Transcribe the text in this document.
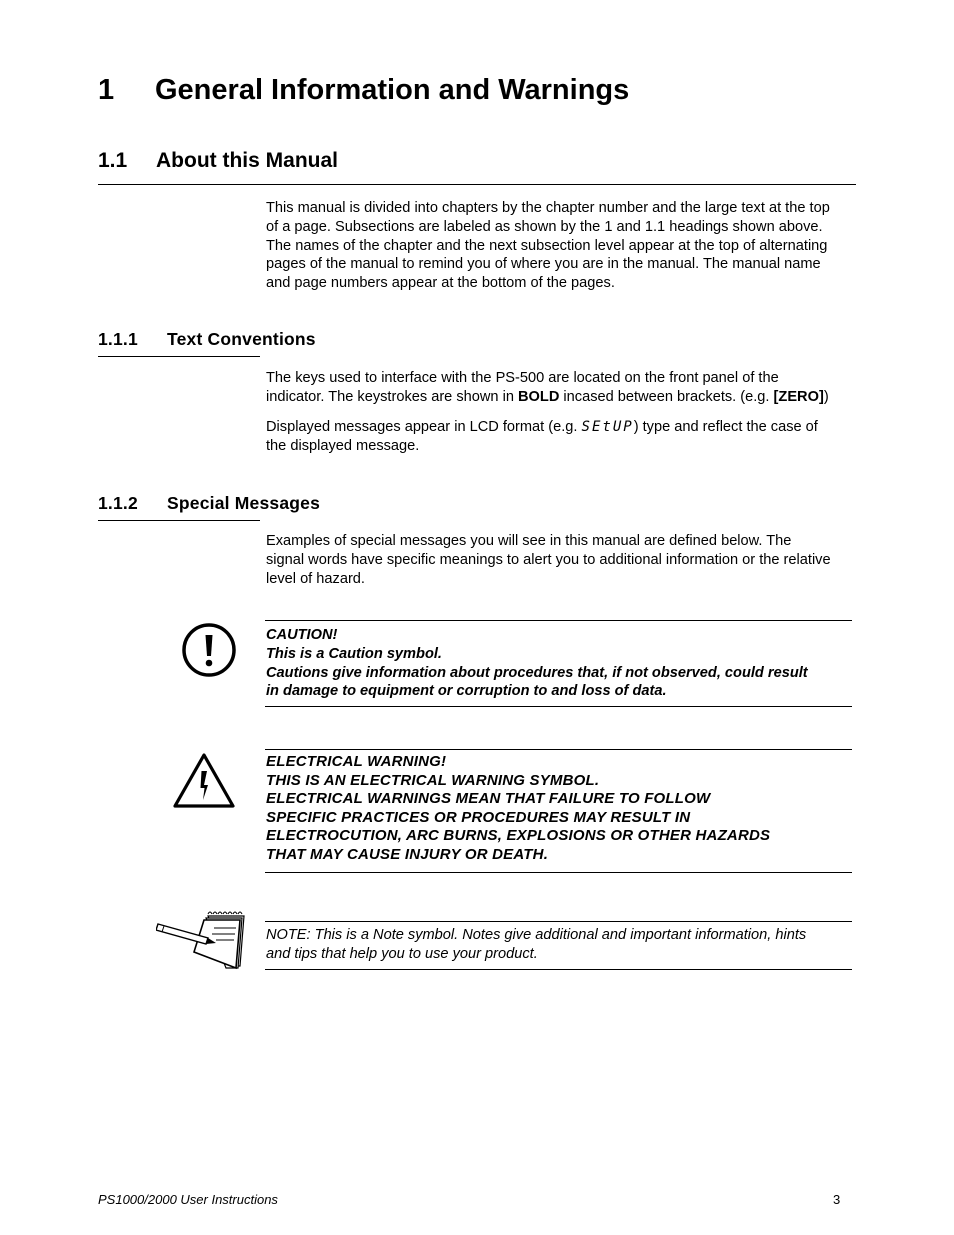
1 General Information and Warnings
1.1 About this Manual
This manual is divided into chapters by the chapter number and the large text at the top
of a page. Subsections are labeled as shown by the 1 and 1.1 headings shown above.
The names of the chapter and the next subsection level appear at the top of alternating
pages of the manual to remind you of where you are in the manual. The manual name
and page numbers appear at the bottom of the pages.
1.1.1 Text Conventions
The keys used to interface with the PS-500 are located on the front panel of the
indicator. The keystrokes are shown in BOLD incased between brackets. (e.g. [ZERO])
Displayed messages appear in LCD format (e.g. SEtUP) type and reflect the case of
the displayed message.
1.1.2 Special Messages
Examples of special messages you will see in this manual are defined below. The
signal words have specific meanings to alert you to additional information or the relative
level of hazard.
CAUTION!
This is a Caution symbol.
Cautions give information about procedures that, if not observed, could result
in damage to equipment or corruption to and loss of data.
ELECTRICAL WARNING!
THIS IS AN ELECTRICAL WARNING SYMBOL.
ELECTRICAL WARNINGS MEAN THAT FAILURE TO FOLLOW
SPECIFIC PRACTICES OR PROCEDURES MAY RESULT IN
ELECTROCUTION, ARC BURNS, EXPLOSIONS OR OTHER HAZARDS
THAT MAY CAUSE INJURY OR DEATH.
NOTE: This is a Note symbol. Notes give additional and important information, hints
and tips that help you to use your product.
PS1000/2000 User Instructions	3
